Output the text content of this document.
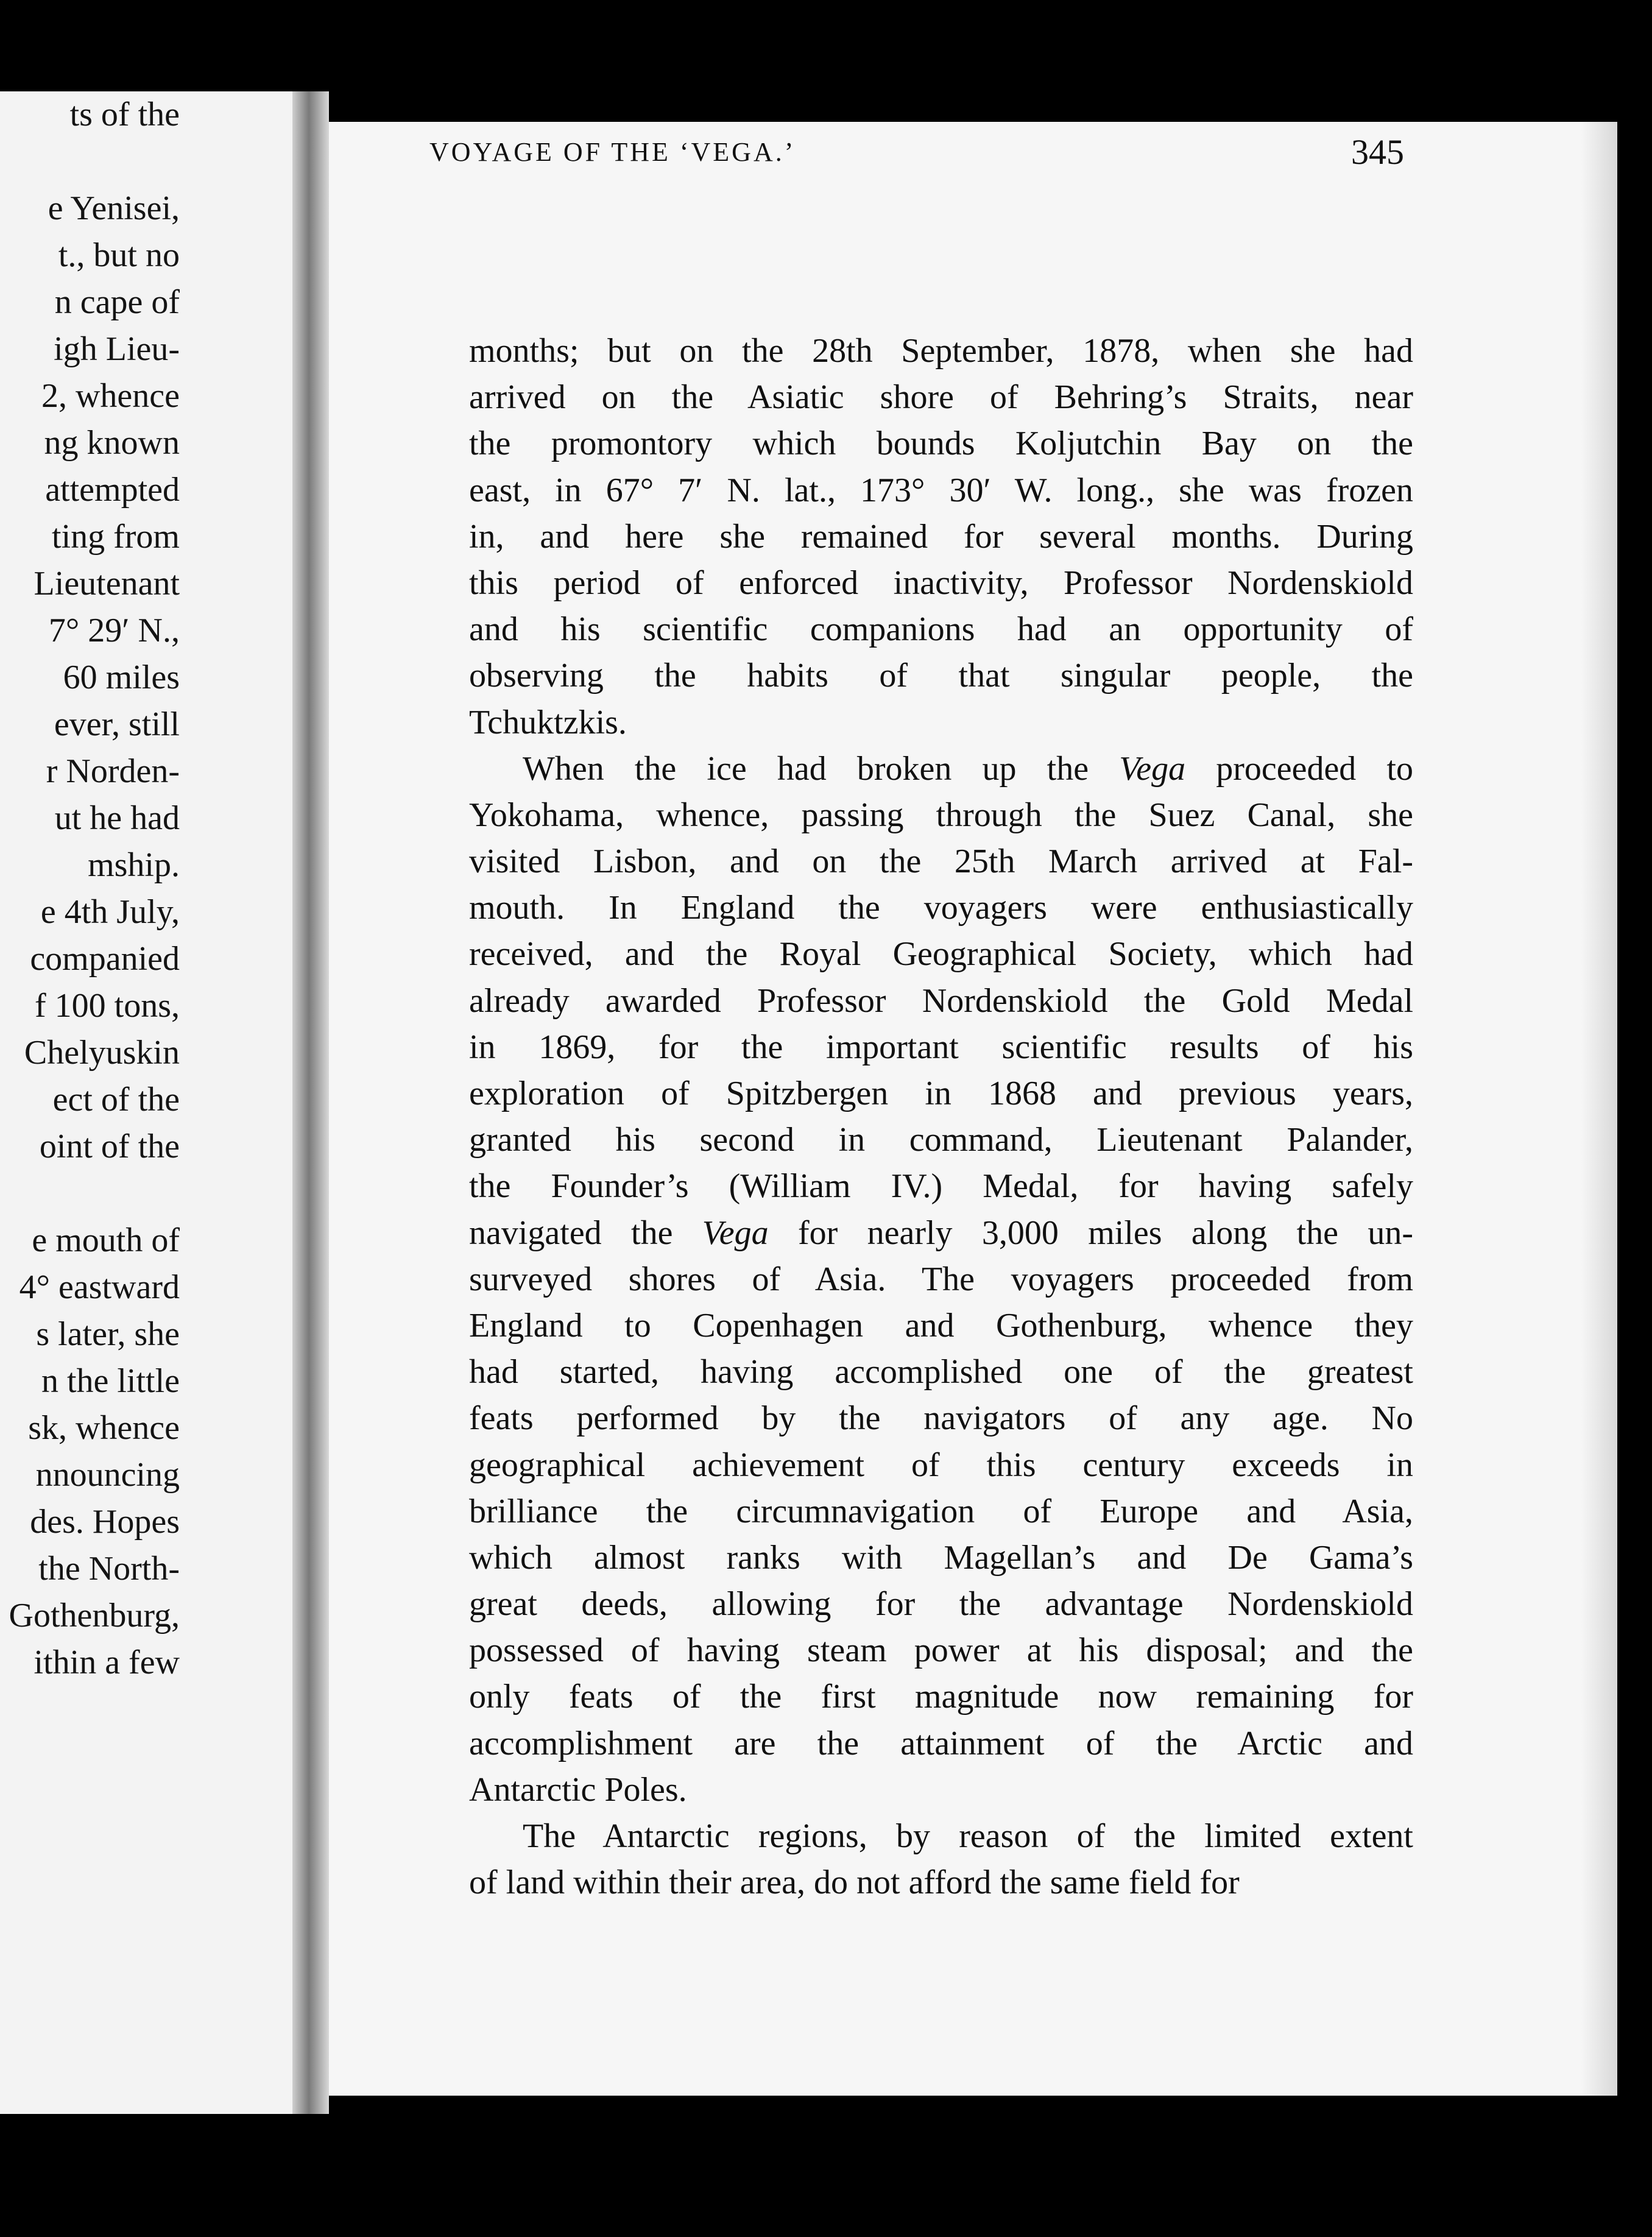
ts of the
e Yenisei,
t., but no
n cape of
igh Lieu-
2, whence
ng known
attempted
ting from
Lieutenant
7° 29′ N.,
60 miles
ever, still
r Norden-
ut he had
mship.
e 4th July,
companied
f 100 tons,
Chelyuskin
ect of the
oint of the
e mouth of
4° eastward
s later, she
n the little
sk, whence
nnouncing
des. Hopes
the North-
Gothenburg,
ithin a few
VOYAGE OF THE ‘VEGA.’	345
months; but on the 28th September, 1878, when she had
arrived on the Asiatic shore of Behring’s Straits, near
the promontory which bounds Koljutchin Bay on the
east, in 67° 7′ N. lat., 173° 30′ W. long., she was frozen
in, and here she remained for several months. During
this period of enforced inactivity, Professor Nordenskiold
and his scientific companions had an opportunity of
observing the habits of that singular people, the
Tchuktzkis.
When the ice had broken up the Vega proceeded to
Yokohama, whence, passing through the Suez Canal, she
visited Lisbon, and on the 25th March arrived at Fal-
mouth. In England the voyagers were enthusiastically
received, and the Royal Geographical Society, which had
already awarded Professor Nordenskiold the Gold Medal
in 1869, for the important scientific results of his
exploration of Spitzbergen in 1868 and previous years,
granted his second in command, Lieutenant Palander,
the Founder’s (William IV.) Medal, for having safely
navigated the Vega for nearly 3,000 miles along the un-
surveyed shores of Asia. The voyagers proceeded from
England to Copenhagen and Gothenburg, whence they
had started, having accomplished one of the greatest
feats performed by the navigators of any age. No
geographical achievement of this century exceeds in
brilliance the circumnavigation of Europe and Asia,
which almost ranks with Magellan’s and De Gama’s
great deeds, allowing for the advantage Nordenskiold
possessed of having steam power at his disposal; and the
only feats of the first magnitude now remaining for
accomplishment are the attainment of the Arctic and
Antarctic Poles.
The Antarctic regions, by reason of the limited extent
of land within their area, do not afford the same field for
